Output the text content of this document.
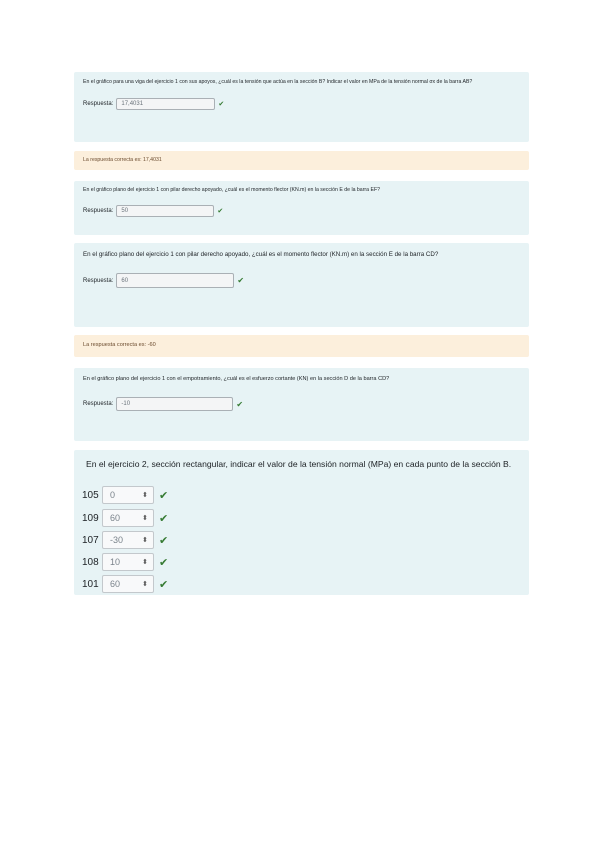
En el gráfico para una viga del ejercicio 1 con sus apoyos, ¿cuál es la tensión que actúa en la sección B? Indicar el valor en MPa de la tensión normal σx de la barra AB?
Respuesta:	17,4031	✔
La respuesta correcta es: 17,4031
En el gráfico plano del ejercicio 1 con pilar derecho apoyado, ¿cuál es el momento flector (KN.m) en la sección E de la barra EF?
Respuesta:	50	✔
En el gráfico plano del ejercicio 1 con pilar derecho apoyado, ¿cuál es el momento flector (KN.m) en la sección E de la barra CD?
Respuesta:	60	✔
La respuesta correcta es: -60
En el gráfico plano del ejercicio 1 con el empotramiento, ¿cuál es el esfuerzo cortante (KN) en la sección D de la barra CD?
Respuesta:	-10	✔
En el ejercicio 2, sección rectangular, indicar el valor de la tensión normal (MPa) en cada punto de la sección B.
105	0	⬍ ✔
109	60	⬍ ✔
107	-30	⬍ ✔
108	10	⬍ ✔
101	60	⬍ ✔
